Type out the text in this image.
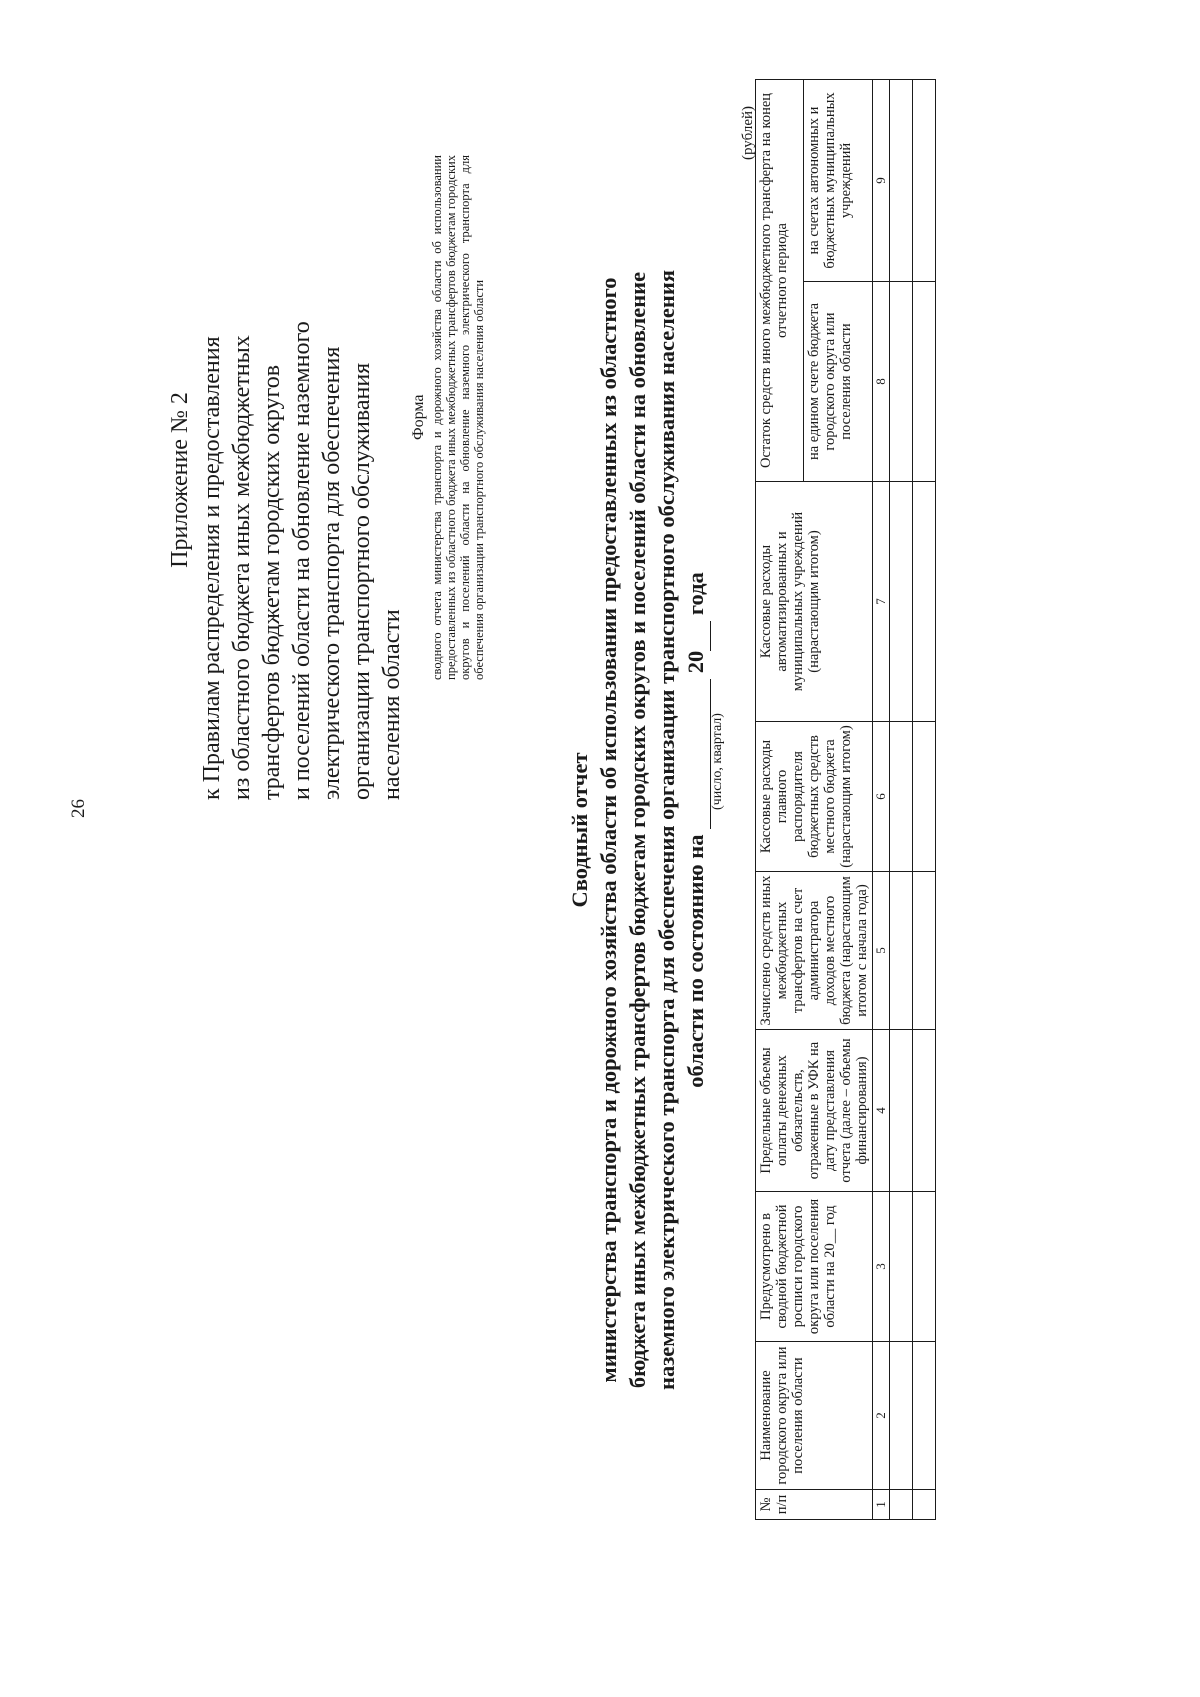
26
Приложение № 2 к Правилам распределения и предоставления из областного бюджета иных межбюджетных трансфертов бюджетам городских округов и поселений области на обновление наземного электрического транспорта для обеспечения организации транспортного обслуживания населения области
Форма сводного отчета министерства транспорта и дорожного хозяйства области об использовании предоставленных из областного бюджета иных межбюджетных трансфертов бюджетам городских округов и поселений области на обновление наземного электрического транспорта для обеспечения организации транспортного обслуживания населения области
Сводный отчет министерства транспорта и дорожного хозяйства области об использовании предоставленных из областного бюджета иных межбюджетных трансфертов бюджетам городских округов и поселений области на обновление наземного электрического транспорта для обеспечения организации транспортного обслуживания населения области по состоянию на   20  года
(число, квартал)
(рублей)
№ п/п	Наименование городского округа или поселения области	Предусмотрено в сводной бюджетной росписи городского округа или поселения области на 20__ год	Предельные объемы оплаты денежных обязательств, отраженные в УФК на дату представления отчета (далее – объемы финансирования)	Зачислено средств иных межбюджетных трансфертов на счет администратора доходов местного бюджета (нарастающим итогом с начала года)	Кассовые расходы главного распорядителя бюджетных средств местного бюджета (нарастающим итогом)	Кассовые расходы автоматизированных и муниципальных учреждений (нарастающим итогом)	Остаток средств иного межбюджетного трансферта на конец отчетного периода	
							на едином счете бюджета городского округа или поселения области	на счетах автономных и бюджетных муниципальных учреждений
1	2	3	4	5	6	7	8	9
